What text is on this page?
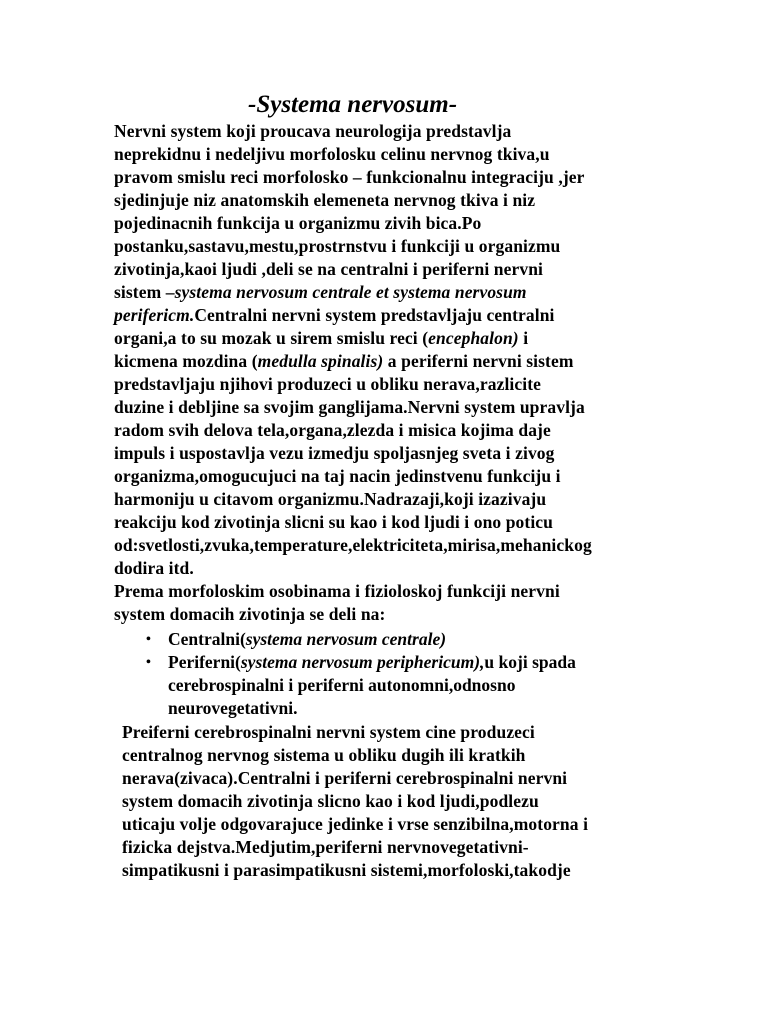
-Systema nervosum-
Nervni system koji proucava neurologija predstavlja
neprekidnu i nedeljivu morfolosku celinu nervnog tkiva,u
pravom smislu reci morfolosko – funkcionalnu integraciju ,jer
sjedinjuje niz anatomskih elemeneta nervnog tkiva i niz
pojedinacnih funkcija u organizmu zivih bica.Po
postanku,sastavu,mestu,prostrnstvu i funkciji u organizmu
zivotinja,kaoi ljudi ,deli se na centralni i periferni nervni
sistem –systema nervosum centrale et systema nervosum
perifericm.Centralni nervni system predstavljaju centralni
organi,a to su mozak u sirem smislu reci (encephalon) i
kicmena mozdina (medulla spinalis) a periferni nervni sistem
predstavljaju njihovi produzeci u obliku nerava,razlicite
duzine i debljine sa svojim ganglijama.Nervni system upravlja
radom svih delova tela,organa,zlezda i misica kojima daje
impuls i uspostavlja vezu izmedju spoljasnjeg sveta i zivog
organizma,omogucujuci na taj nacin jedinstvenu funkciju i
harmoniju u citavom organizmu.Nadrazaji,koji izazivaju
reakciju kod zivotinja slicni su kao i kod ljudi i ono poticu
od:svetlosti,zvuka,temperature,elektriciteta,mirisa,mehanickog
dodira itd.
Prema morfoloskim osobinama i fizioloskoj funkciji nervni
system domacih zivotinja se deli na:
• Centralni(systema nervosum centrale)
• Periferni(systema nervosum periphericum),u koji spada
cerebrospinalni i periferni autonomni,odnosno
neurovegetativni.
Preiferni cerebrospinalni nervni system cine produzeci
centralnog nervnog sistema u obliku dugih ili kratkih
nerava(zivaca).Centralni i periferni cerebrospinalni nervni
system domacih zivotinja slicno kao i kod ljudi,podlezu
uticaju volje odgovarajuce jedinke i vrse senzibilna,motorna i
fizicka dejstva.Medjutim,periferni nervnovegetativni-
simpatikusni i parasimpatikusni sistemi,morfoloski,takodje
